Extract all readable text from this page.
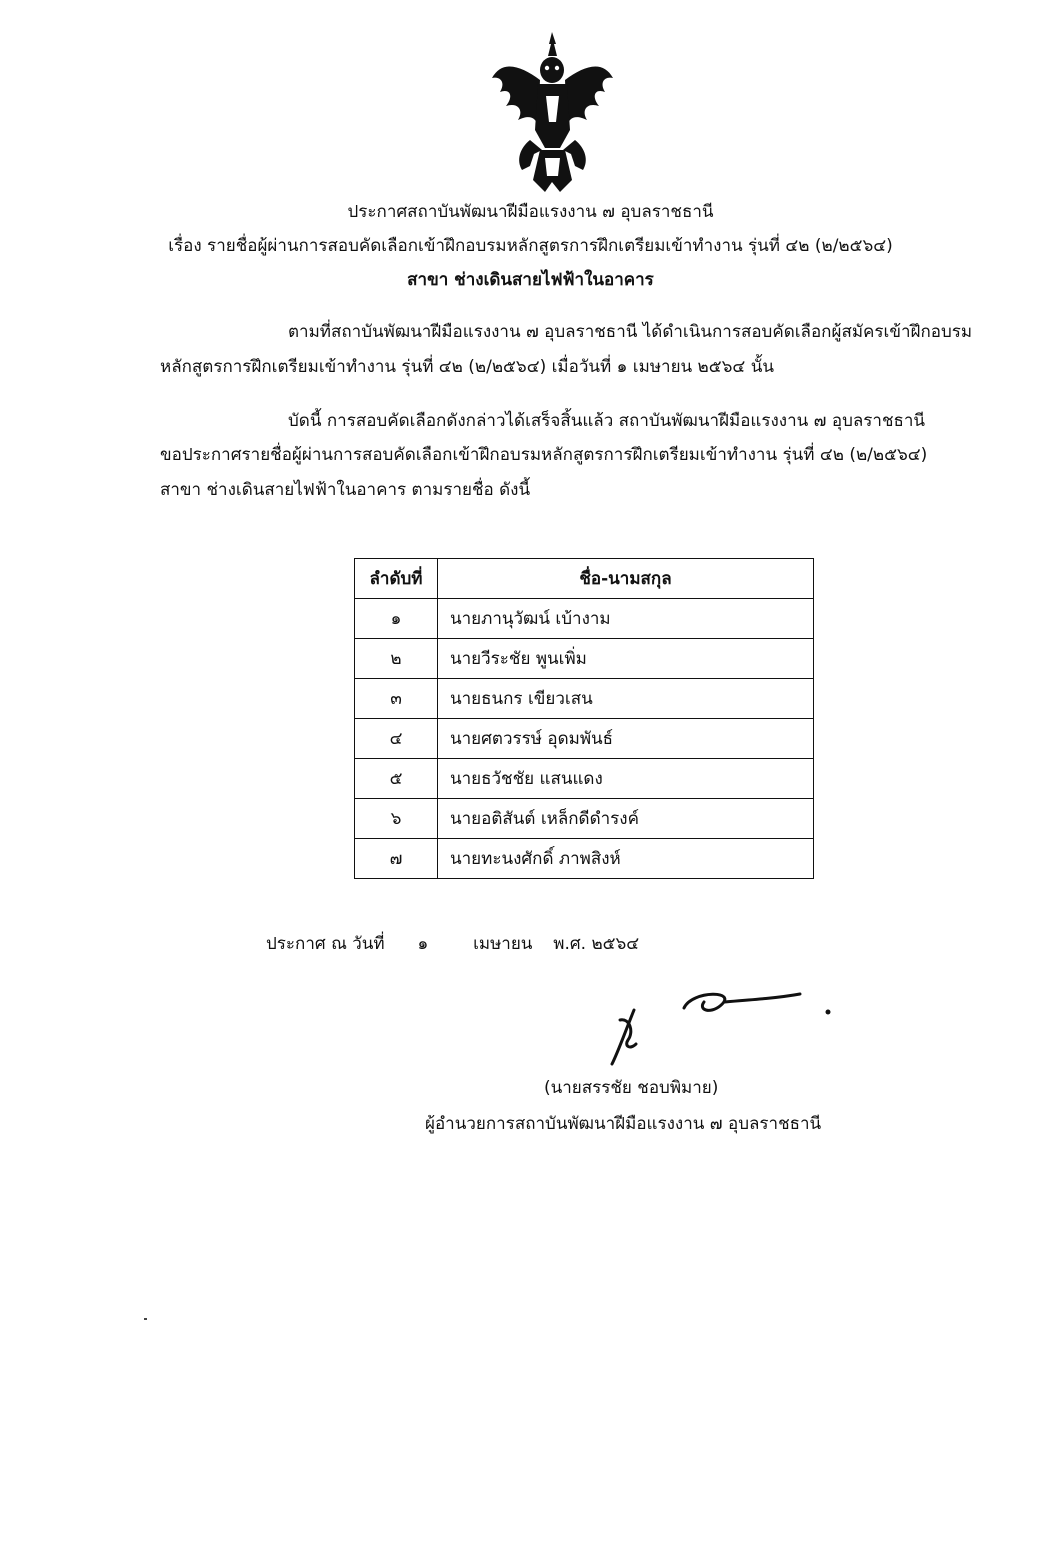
ประกาศสถาบันพัฒนาฝีมือแรงงาน ๗ อุบลราชธานี
เรื่อง รายชื่อผู้ผ่านการสอบคัดเลือกเข้าฝึกอบรมหลักสูตรการฝึกเตรียมเข้าทำงาน รุ่นที่ ๔๒ (๒/๒๕๖๔)
สาขา ช่างเดินสายไฟฟ้าในอาคาร
ตามที่สถาบันพัฒนาฝีมือแรงงาน ๗ อุบลราชธานี ได้ดำเนินการสอบคัดเลือกผู้สมัครเข้าฝึกอบรม
หลักสูตรการฝึกเตรียมเข้าทำงาน รุ่นที่ ๔๒ (๒/๒๕๖๔) เมื่อวันที่ ๑ เมษายน ๒๕๖๔ นั้น
บัดนี้ การสอบคัดเลือกดังกล่าวได้เสร็จสิ้นแล้ว สถาบันพัฒนาฝีมือแรงงาน ๗ อุบลราชธานี
ขอประกาศรายชื่อผู้ผ่านการสอบคัดเลือกเข้าฝึกอบรมหลักสูตรการฝึกเตรียมเข้าทำงาน รุ่นที่ ๔๒ (๒/๒๕๖๔)
สาขา ช่างเดินสายไฟฟ้าในอาคาร ตามรายชื่อ ดังนี้
ลำดับที่	ชื่อ-นามสกุล
๑	นายภานุวัฒน์ เบ้างาม
๒	นายวีระชัย พูนเพิ่ม
๓	นายธนกร เขียวเสน
๔	นายศตวรรษ์ อุดมพันธ์
๕	นายธวัชชัย แสนแดง
๖	นายอติสันต์ เหล็กดีดำรงค์
๗	นายทะนงศักดิ์ ภาพสิงห์
ประกาศ ณ วันที่ ๑	เมษายน พ.ศ. ๒๕๖๔
(นายสรรชัย ชอบพิมาย)
ผู้อำนวยการสถาบันพัฒนาฝีมือแรงงาน ๗ อุบลราชธานี
